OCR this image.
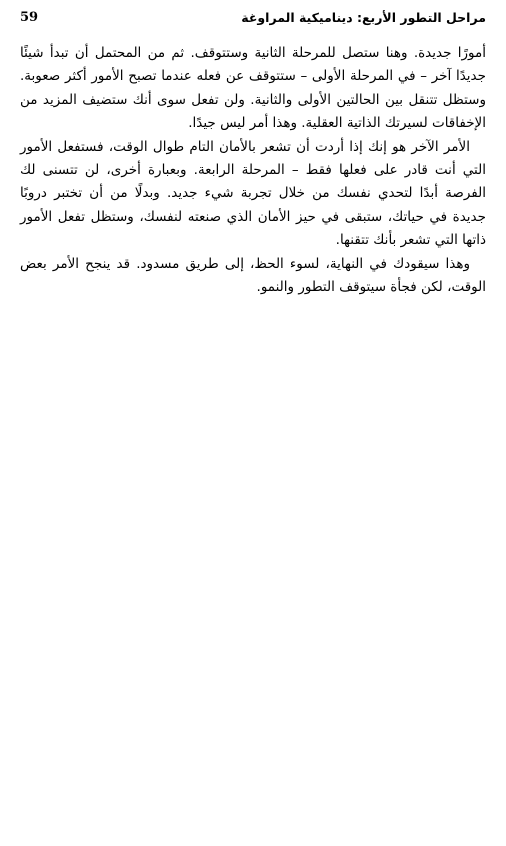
مراحل التطور الأربع: ديناميكية المراوغة
59

أمورًا جديدة. وهنا ستصل للمرحلة الثانية وستتوقف. ثم من المحتمل أن تبدأ شيئًا جديدًا آخر – في المرحلة الأولى – ستتوقف عن فعله عندما تصبح الأمور أكثر صعوبة. وستظل تتنقل بين الحالتين الأولى والثانية. ولن تفعل سوى أنك ستضيف المزيد من الإخفاقات لسيرتك الذاتية العقلية. وهذا أمر ليس جيدًا.

الأمر الآخر هو إنك إذا أردت أن تشعر بالأمان التام طوال الوقت، فستفعل الأمور التي أنت قادر على فعلها فقط – المرحلة الرابعة. وبعبارة أخرى، لن تتسنى لك الفرصة أبدًا لتحدي نفسك من خلال تجربة شيء جديد. وبدلًا من أن تختبر دروبًا جديدة في حياتك، ستبقى في حيز الأمان الذي صنعته لنفسك، وستظل تفعل الأمور ذاتها التي تشعر بأنك تتقنها.

وهذا سيقودك في النهاية، لسوء الحظ، إلى طريق مسدود. قد ينجح الأمر بعض الوقت، لكن فجأة سيتوقف التطور والنمو.
